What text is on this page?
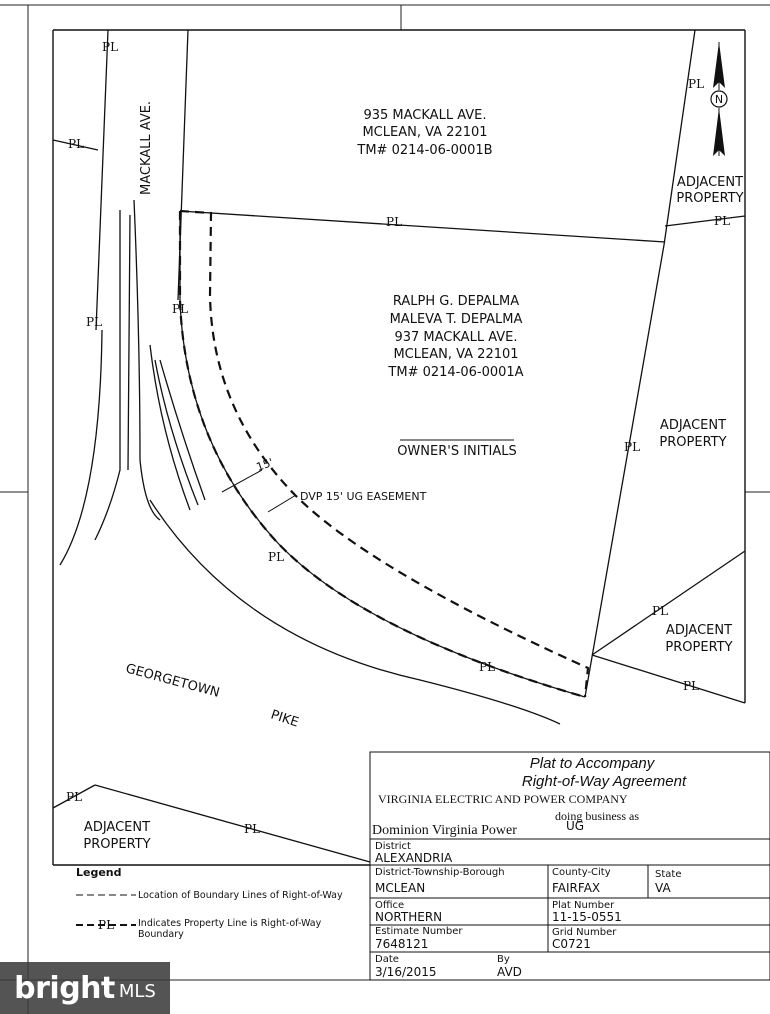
15'
DVP 15' UG EASEMENT
MACKALL AVE.
GEORGETOWN
PIKE
935 MACKALL AVE.
MCLEAN, VA 22101
TM# 0214-06-0001B
RALPH G. DEPALMA
MALEVA T. DEPALMA
937 MACKALL AVE.
MCLEAN, VA 22101
TM# 0214-06-0001A
OWNER'S INITIALS
ADJACENT
PROPERTY
ADJACENT
PROPERTY
ADJACENT
PROPERTY
ADJACENT
PROPERTY
PL
PL
PL
PL
PL
PL
PL
PL
PL
PL
PL
PL
PL
PL
N
Legend
Location of Boundary Lines of Right-of-Way
PL	Indicates Property Line is Right-of-Way
Boundary
Plat to Accompany
Right-of-Way Agreement
VIRGINIA ELECTRIC AND POWER COMPANY
doing business as
Dominion Virginia Power	UG
District
ALEXANDRIA
District-Township-Borough
MCLEAN
County-City
FAIRFAX
State
VA
Office
NORTHERN
Plat Number
11-15-0551
Estimate Number
7648121
Grid Number
C0721
Date
3/16/2015
By
AVD
bright MLS
